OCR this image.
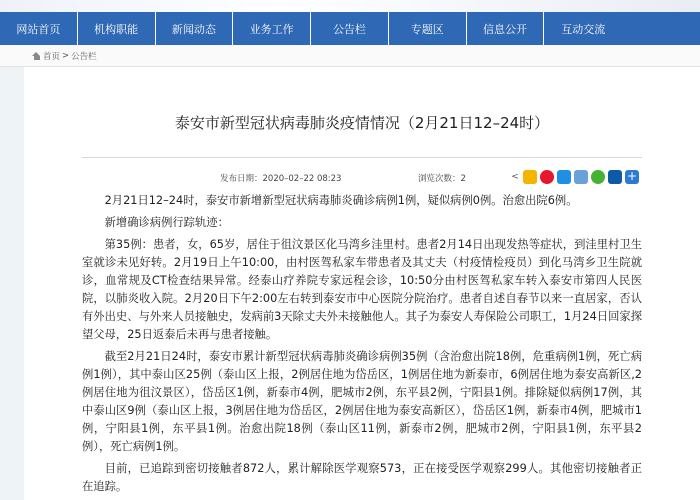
网站首页	机构职能	新闻动态	业务工作	公告栏	专题区	信息公开	互动交流
首页 > 公告栏
泰安市新型冠状病毒肺炎疫情情况（2月21日12–24时）
发布日期：2020–02–22 08:23	浏览次数：2	<
+

2月21日12–24时，泰安市新增新型冠状病毒肺炎确诊病例1例，疑似病例0例。治愈出院6例。

新增确诊病例行踪轨迹：

第35例：患者，女，65岁，居住于徂汶景区化马湾乡洼里村。患者2月14日出现发热等症状，到洼里村卫生室就诊未见好转。2月19日上午10:00，由村医驾私家车带患者及其丈夫（村疫情检疫员）到化马湾乡卫生院就诊，血常规及CT检查结果异常。经泰山疗养院专家远程会诊，10:50分由村医驾私家车转入泰安市第四人民医院，以肺炎收入院。2月20日下午2:00左右转到泰安市中心医院分院治疗。患者自述自春节以来一直居家，否认有外出史、与外来人员接触史，发病前3天除丈夫外未接触他人。其子为泰安人寿保险公司职工，1月24日回家探望父母，25日返泰后未再与患者接触。

截至2月21日24时，泰安市累计新型冠状病毒肺炎确诊病例35例（含治愈出院18例，危重病例1例，死亡病例1例），其中泰山区25例（泰山区上报，2例居住地为岱岳区，1例居住地为新泰市，6例居住地为泰安高新区,2例居住地为徂汶景区），岱岳区1例，新泰市4例，肥城市2例，东平县2例，宁阳县1例。排除疑似病例17例，其中泰山区9例（泰山区上报，3例居住地为岱岳区，2例居住地为泰安高新区），岱岳区1例，新泰市4例，肥城市1例，宁阳县1例，东平县1例。治愈出院18例（泰山区11例，新泰市2例，肥城市2例，宁阳县1例，东平县2例），死亡病例1例。

目前，已追踪到密切接触者872人，累计解除医学观察573，正在接受医学观察299人。其他密切接触者正在追踪。
